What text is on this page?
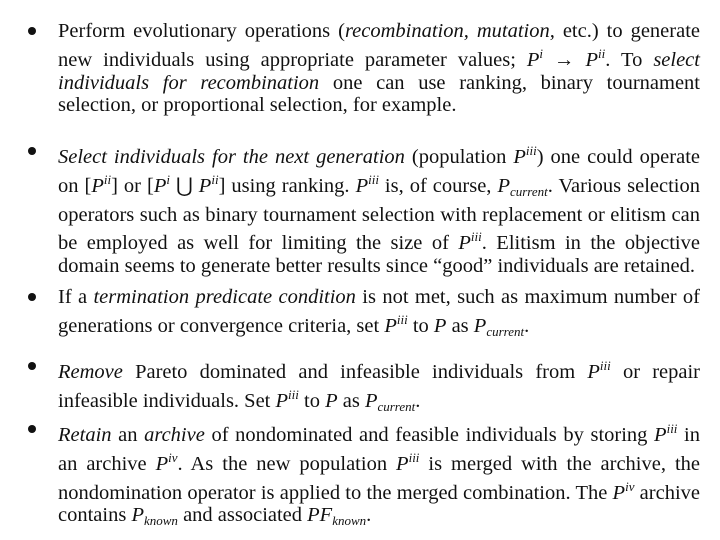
Perform evolutionary operations (recombination, mutation, etc.) to generate new individuals using appropriate parameter values; $P^i \to P^{ii}$. To select individuals for recombination one can use ranking, binary tournament selection, or proportional selection, for example.
Select individuals for the next generation (population $P^{iii}$) one could operate on $[P^{ii}]$ or [$P^i$ ⋃ $P^{ii}$] using ranking. $P^{iii}$ is, of course, $P_{current}$. Various selection operators such as binary tournament selection with replacement or elitism can be employed as well for limiting the size of $P^{iii}$. Elitism in the objective domain seems to generate better results since “good” individuals are retained.
If a termination predicate condition is not met, such as maximum number of generations or convergence criteria, set $P^{iii}$ to P as $P_{current}$.
Remove Pareto dominated and infeasible individuals from $P^{iii}$ or repair infeasible individuals. Set $P^{iii}$ to P as $P_{current}$.
Retain an archive of nondominated and feasible individuals by storing $P^{iii}$ in an archive $P^{iv}$. As the new population $P^{iii}$ is merged with the archive, the nondomination operator is applied to the merged combination. The $P^{iv}$ archive contains $P_{known}$ and associated $PF_{known}$.
